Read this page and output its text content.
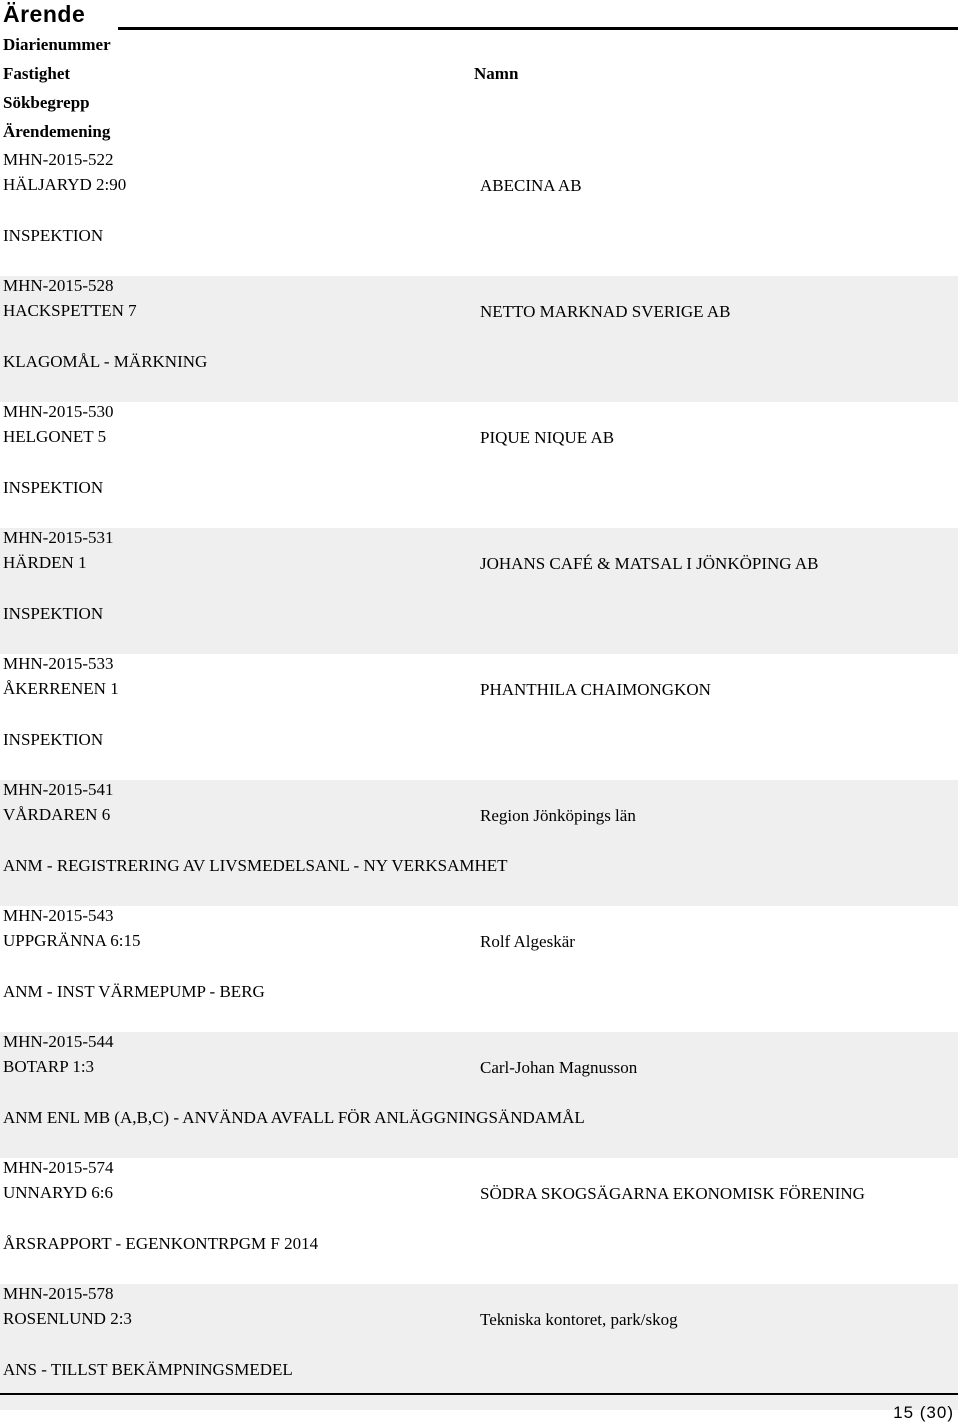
Ärende
Diarienummer
Fastighet	Namn
Sökbegrepp
Ärendemening
MHN-2015-522
HÄLJARYD 2:90	ABECINA AB
INSPEKTION
MHN-2015-528
HACKSPETTEN 7	NETTO MARKNAD SVERIGE AB
KLAGOMÅL - MÄRKNING
MHN-2015-530
HELGONET 5	PIQUE NIQUE AB
INSPEKTION
MHN-2015-531
HÄRDEN 1	JOHANS CAFÉ & MATSAL I JÖNKÖPING AB
INSPEKTION
MHN-2015-533
ÅKERRENEN 1	PHANTHILA CHAIMONGKON
INSPEKTION
MHN-2015-541
VÅRDAREN 6	Region Jönköpings län
ANM - REGISTRERING AV LIVSMEDELSANL - NY VERKSAMHET
MHN-2015-543
UPPGRÄNNA 6:15	Rolf Algeskär
ANM - INST VÄRMEPUMP - BERG
MHN-2015-544
BOTARP 1:3	Carl-Johan Magnusson
ANM ENL MB (A,B,C) - ANVÄNDA AVFALL FÖR ANLÄGGNINGSÄNDAMÅL
MHN-2015-574
UNNARYD 6:6	SÖDRA SKOGSÄGARNA EKONOMISK FÖRENING
ÅRSRAPPORT - EGENKONTRPGM F 2014
MHN-2015-578
ROSENLUND 2:3	Tekniska kontoret, park/skog
ANS - TILLST BEKÄMPNINGSMEDEL
15 (30)
